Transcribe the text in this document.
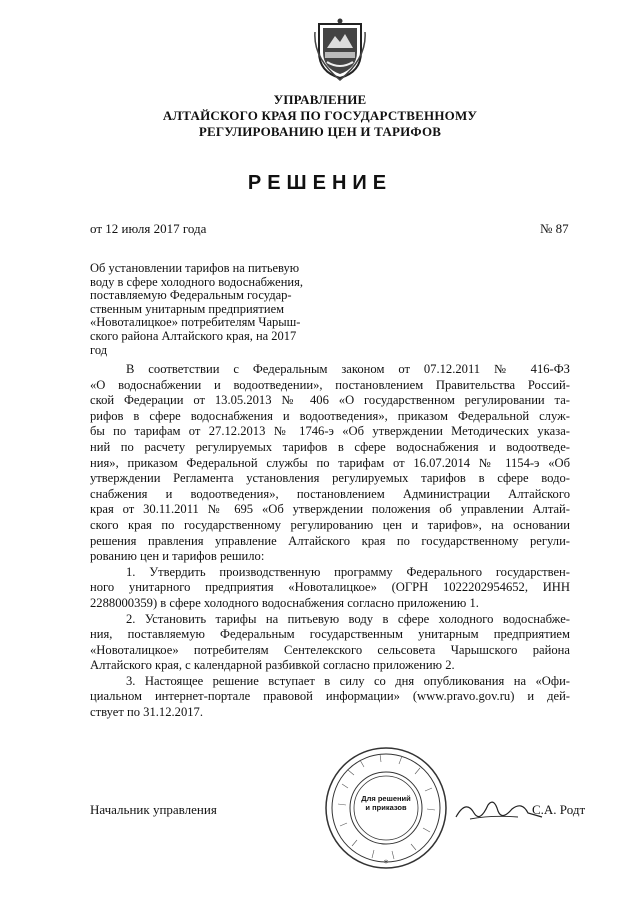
УПРАВЛЕНИЕ
АЛТАЙСКОГО КРАЯ ПО ГОСУДАРСТВЕННОМУ
РЕГУЛИРОВАНИЮ ЦЕН И ТАРИФОВ
РЕШЕНИЕ
от 12 июля 2017 года	№ 87
Об установлении тарифов на питьевую
воду в сфере холодного водоснабжения,
поставляемую Федеральным государ-
ственным унитарным предприятием
«Новоталицкое» потребителям Чарыш-
ского района Алтайского края, на 2017
год
В соответствии с Федеральным законом от 07.12.2011 № 416-ФЗ
«О водоснабжении и водоотведении», постановлением Правительства Россий-
ской Федерации от 13.05.2013 № 406 «О государственном регулировании та-
рифов в сфере водоснабжения и водоотведения», приказом Федеральной служ-
бы по тарифам от 27.12.2013 № 1746-э «Об утверждении Методических указа-
ний по расчету регулируемых тарифов в сфере водоснабжения и водоотведе-
ния», приказом Федеральной службы по тарифам от 16.07.2014 № 1154-э «Об
утверждении Регламента установления регулируемых тарифов в сфере водо-
снабжения и водоотведения», постановлением Администрации Алтайского
края от 30.11.2011 № 695 «Об утверждении положения об управлении Алтай-
ского края по государственному регулированию цен и тарифов», на основании
решения правления управление Алтайского края по государственному регули-
рованию цен и тарифов решило:
1. Утвердить производственную программу Федерального государствен-
ного унитарного предприятия «Новоталицкое» (ОГРН 1022202954652, ИНН
2288000359) в сфере холодного водоснабжения согласно приложению 1.
2. Установить тарифы на питьевую воду в сфере холодного водоснабже-
ния, поставляемую Федеральным государственным унитарным предприятием
«Новоталицкое» потребителям Сентелекского сельсовета Чарышского района
Алтайского края, с календарной разбивкой согласно приложению 2.
3. Настоящее решение вступает в силу со дня опубликования на «Офи-
циальном интернет-портале правовой информации» (www.pravo.gov.ru) и дей-
ствует по 31.12.2017.
Начальник управления
*
Для решений и приказов	С.А. Родт
